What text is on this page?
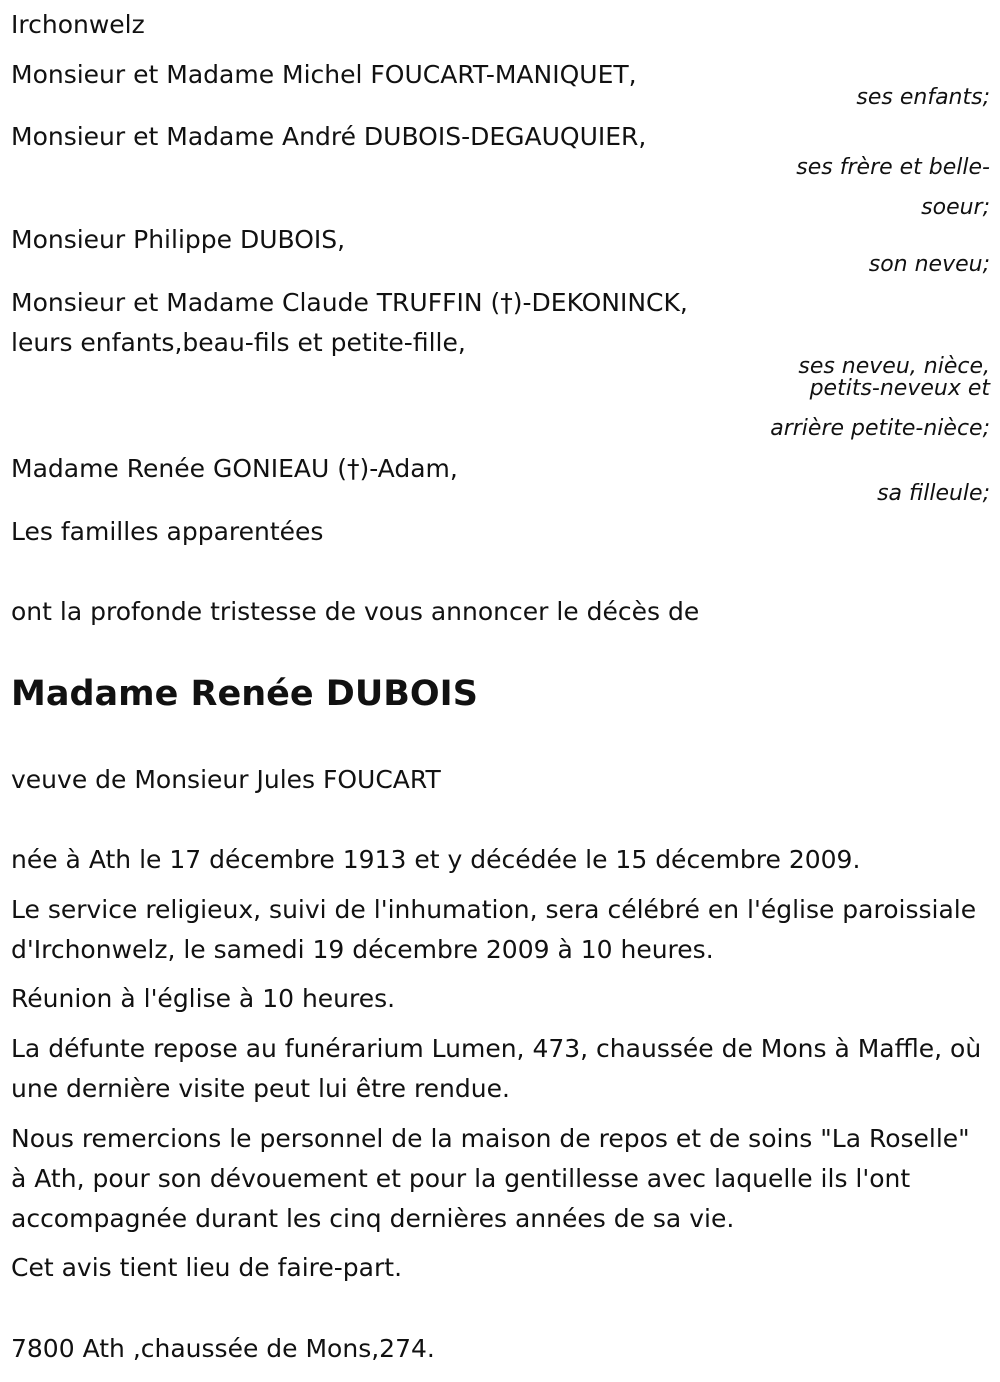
Irchonwelz
Monsieur et Madame Michel FOUCART-MANIQUET,
ses enfants;
Monsieur et Madame André DUBOIS-DEGAUQUIER,
ses frère et belle-
soeur;
Monsieur Philippe DUBOIS,
son neveu;
Monsieur et Madame Claude TRUFFIN (†)-DEKONINCK,
leurs enfants,beau-fils et petite-fille,
ses neveu, nièce,
petits-neveux et
arrière petite-nièce;
Madame Renée GONIEAU (†)-Adam,
sa filleule;
Les familles apparentées
ont la profonde tristesse de vous annoncer le décès de
Madame Renée DUBOIS
veuve de Monsieur Jules FOUCART
née à Ath le 17 décembre 1913 et y décédée le 15 décembre 2009.
Le service religieux, suivi de l'inhumation, sera célébré en l'église paroissiale d'Irchonwelz, le samedi 19 décembre 2009 à 10 heures.
Réunion à l'église à 10 heures.
La défunte repose au funérarium Lumen, 473, chaussée de Mons à Maffle, où une dernière visite peut lui être rendue.
Nous remercions le personnel de la maison de repos et de soins "La Roselle" à Ath, pour son dévouement et pour la gentillesse avec laquelle ils l'ont accompagnée durant les cinq dernières années de sa vie.
Cet avis tient lieu de faire-part.
7800 Ath ,chaussée de Mons,274.
